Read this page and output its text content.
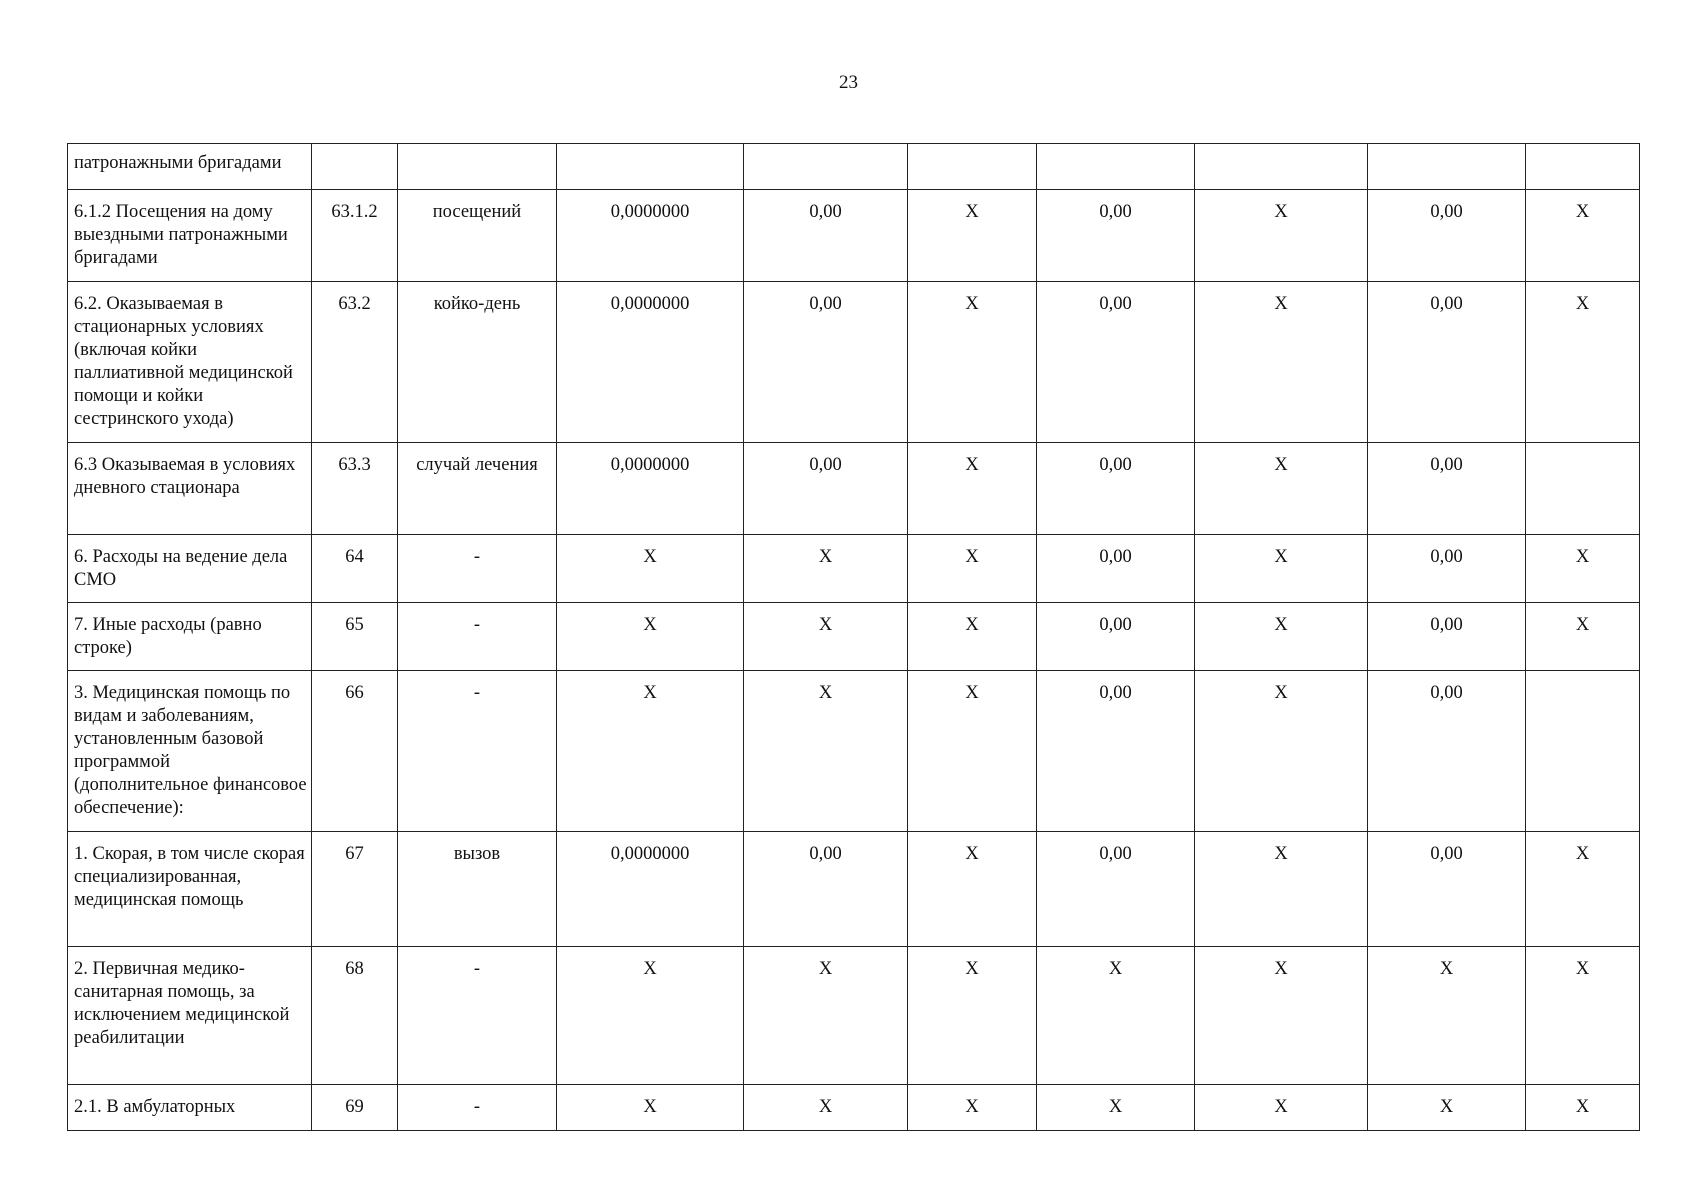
23
патронажными бригадами									
6.1.2 Посещения на дому выездными патронажными бригадами	63.1.2	посещений	0,0000000	0,00	X	0,00	X	0,00	X
6.2. Оказываемая в стационарных условиях (включая койки паллиативной медицинской помощи и койки сестринского ухода)	63.2	койко-день	0,0000000	0,00	X	0,00	X	0,00	X
6.3 Оказываемая в условиях дневного стационара	63.3	случай лечения	0,0000000	0,00	X	0,00	X	0,00	
6. Расходы на ведение дела СМО	64	-	X	X	X	0,00	X	0,00	X
7. Иные расходы (равно строке)	65	-	X	X	X	0,00	X	0,00	X
3. Медицинская помощь по видам и заболеваниям, установленным базовой программой (дополнительное финансовое обеспечение):	66	-	X	X	X	0,00	X	0,00	
1. Скорая, в том числе скорая специализированная, медицинская помощь	67	вызов	0,0000000	0,00	X	0,00	X	0,00	X
2. Первичная медико-санитарная помощь, за исключением медицинской реабилитации	68	-	X	X	X	X	X	X	X
2.1. В амбулаторных	69	-	X	X	X	X	X	X	X
